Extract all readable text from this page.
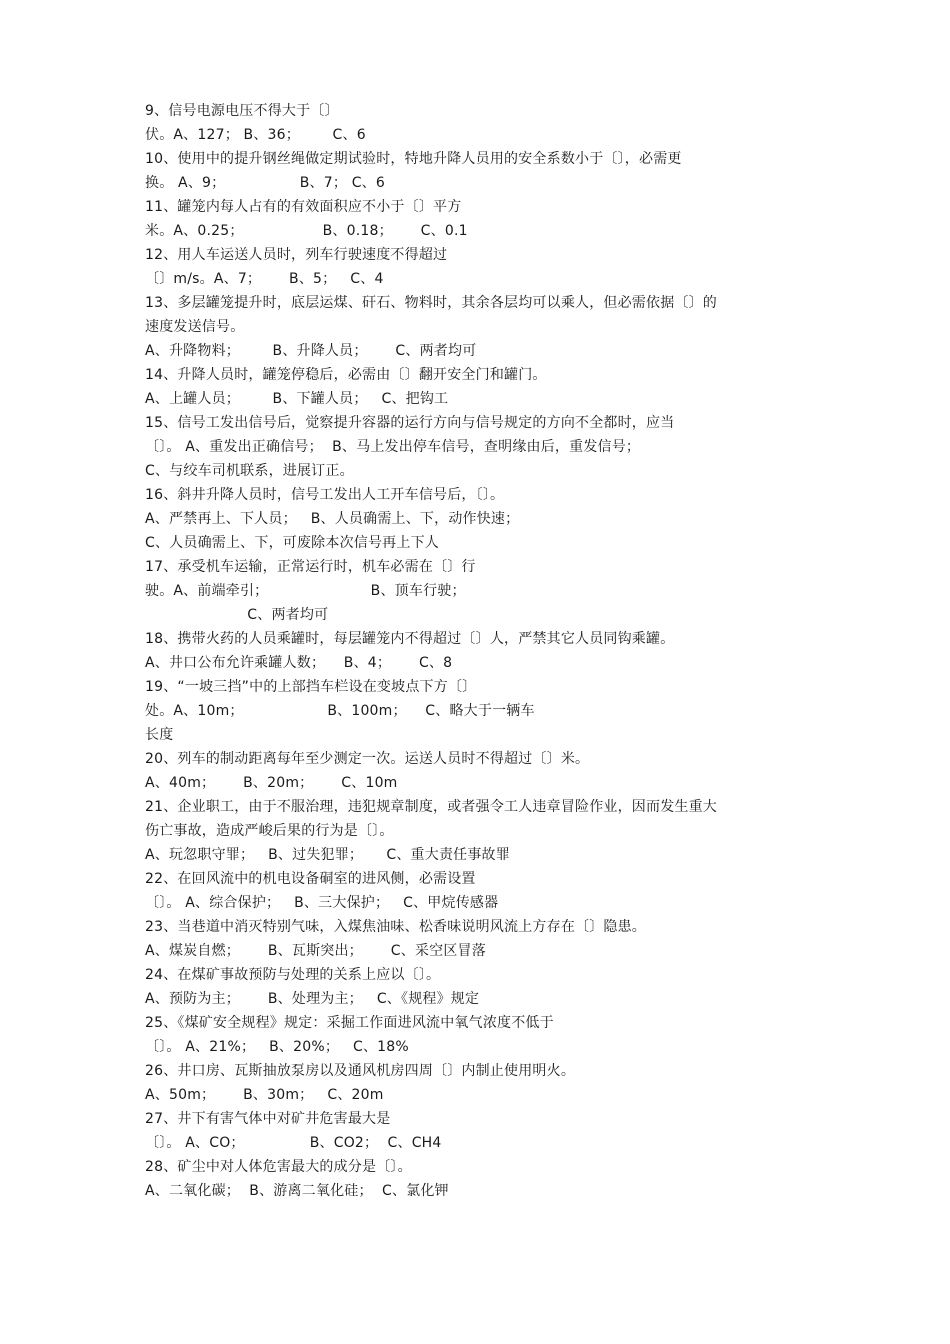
9、信号电源电压不得大于〔〕
伏。A、127； B、36；       C、6
10、使用中的提升钢丝绳做定期试验时，特地升降人员用的安全系数小于〔〕，必需更
换。 A、9；                B、7； C、6
11、罐笼内每人占有的有效面积应不小于〔〕平方
米。A、0.25；                 B、0.18；      C、0.1
12、用人车运送人员时，列车行驶速度不得超过
〔〕m/s。A、7；      B、5；   C、4
13、多层罐笼提升时，底层运煤、矸石、物料时，其余各层均可以乘人，但必需依据〔〕的
速度发送信号。
A、升降物料；       B、升降人员；      C、两者均可
14、升降人员时，罐笼停稳后，必需由〔〕翻开安全门和罐门。
A、上罐人员；       B、下罐人员；   C、把钩工
15、信号工发出信号后，觉察提升容器的运行方向与信号规定的方向不全都时，应当
〔〕。 A、重发出正确信号；  B、马上发出停车信号，查明缘由后，重发信号；
C、与绞车司机联系，进展订正。
16、斜井升降人员时，信号工发出人工开车信号后，〔〕。
A、严禁再上、下人员；   B、人员确需上、下，动作快速；
C、人员确需上、下，可废除本次信号再上下人
17、承受机车运输，正常运行时，机车必需在〔〕行
驶。A、前端牵引；                      B、顶车行驶；
C、两者均可
18、携带火药的人员乘罐时，每层罐笼内不得超过〔〕人，严禁其它人员同钩乘罐。
A、井口公布允许乘罐人数；    B、4；      C、8
19、“一坡三挡”中的上部挡车栏设在变坡点下方〔〕
处。A、10m；                  B、100m；    C、略大于一辆车
长度
20、列车的制动距离每年至少测定一次。运送人员时不得超过〔〕米。
A、40m；      B、20m；      C、10m
21、企业职工，由于不服治理，违犯规章制度，或者强令工人违章冒险作业，因而发生重大
伤亡事故，造成严峻后果的行为是〔〕。
A、玩忽职守罪；   B、过失犯罪；     C、重大责任事故罪
22、在回风流中的机电设备硐室的进风侧，必需设置
〔〕。 A、综合保护；   B、三大保护；   C、甲烷传感器
23、当巷道中消灭特别气味，入煤焦油味、松香味说明风流上方存在〔〕隐患。
A、煤炭自燃；      B、瓦斯突出；      C、采空区冒落
24、在煤矿事故预防与处理的关系上应以〔〕。
A、预防为主；      B、处理为主；   C、《规程》规定
25、《煤矿安全规程》规定：采掘工作面进风流中氧气浓度不低于
〔〕。 A、21%；   B、20%；   C、18%
26、井口房、瓦斯抽放泵房以及通风机房四周〔〕内制止使用明火。
A、50m；      B、30m；   C、20m
27、井下有害气体中对矿井危害最大是
〔〕。 A、CO；              B、CO2；  C、CH4
28、矿尘中对人体危害最大的成分是〔〕。
A、二氧化碳；  B、游离二氧化硅；  C、氯化钾
